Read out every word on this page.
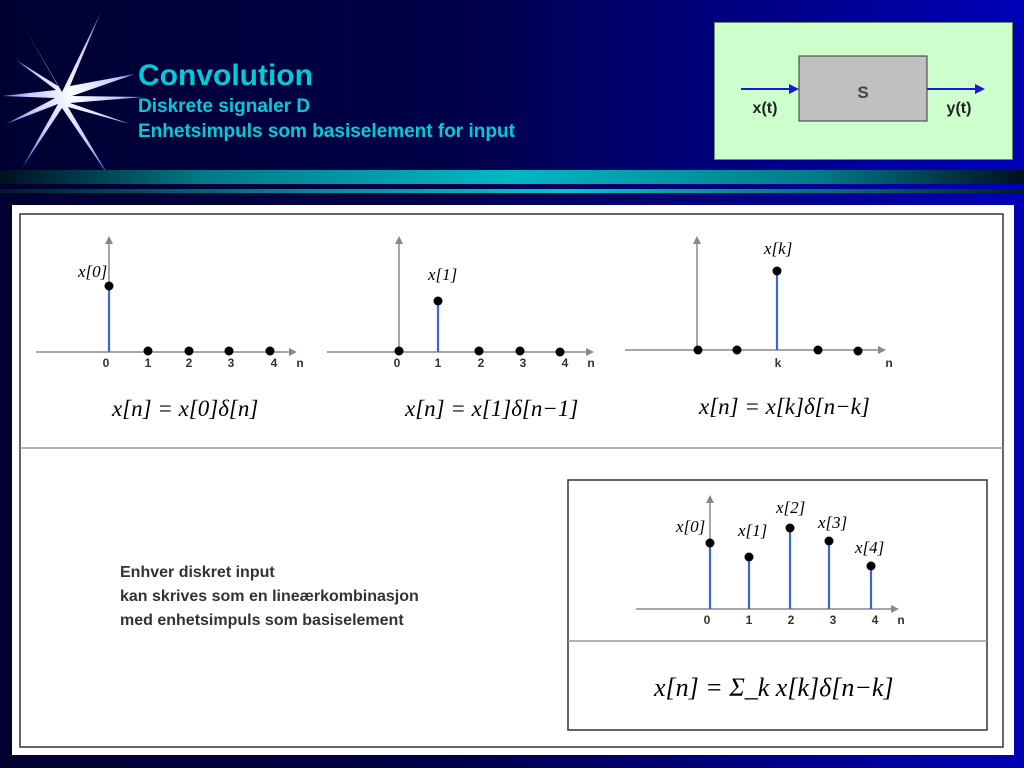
Convolution
Diskrete signaler D
Enhetsimpuls som basiselement for input
S
x(t)	y(t)
0	1	2	3	4 n
x[0]
x[n] = x[0]δ[n]
0	1	2	3	4 n
x[1]
x[n] = x[1]δ[n−1]
k	n
x[k]
x[n] = x[k]δ[n−k]
0	1	2	3	4 n
x[0] x[1]
x[2]
x[3]
x[4]
x[n] = Σ_k x[k]δ[n−k]
Enhver diskret input
kan skrives som en lineærkombinasjon
med enhetsimpuls som basiselement
